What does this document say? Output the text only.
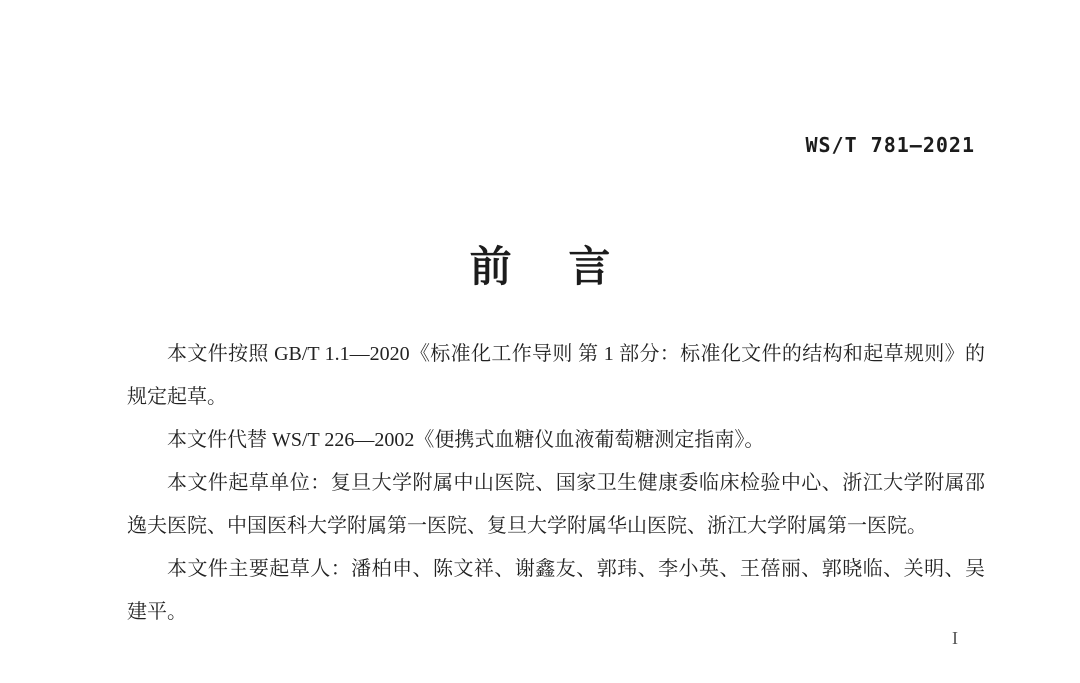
WS/T 781—2021
前言

本文件按照 GB/T 1.1—2020《标准化工作导则 第 1 部分：标准化文件的结构和起草规则》的规定起草。

本文件代替 WS/T 226—2002《便携式血糖仪血液葡萄糖测定指南》。

本文件起草单位：复旦大学附属中山医院、国家卫生健康委临床检验中心、浙江大学附属邵逸夫医院、中国医科大学附属第一医院、复旦大学附属华山医院、浙江大学附属第一医院。

本文件主要起草人：潘柏申、陈文祥、谢鑫友、郭玮、李小英、王蓓丽、郭晓临、关明、吴建平。

I
